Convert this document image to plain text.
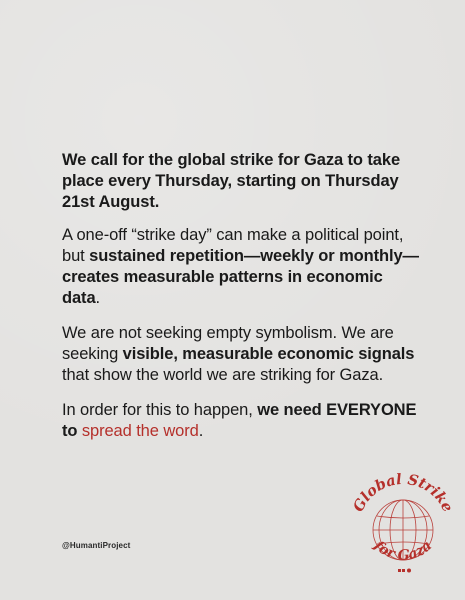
We call for the global strike for Gaza to take place every Thursday, starting on Thursday 21st August.

A one-off “strike day” can make a political point, but sustained repetition—weekly or monthly—creates measurable patterns in economic data.

We are not seeking empty symbolism. We are seeking visible, measurable economic signals that show the world we are striking for Gaza.

In order for this to happen, we need EVERYONE to spread the word.

@HumantiProject
Global Strike
for Gaza
